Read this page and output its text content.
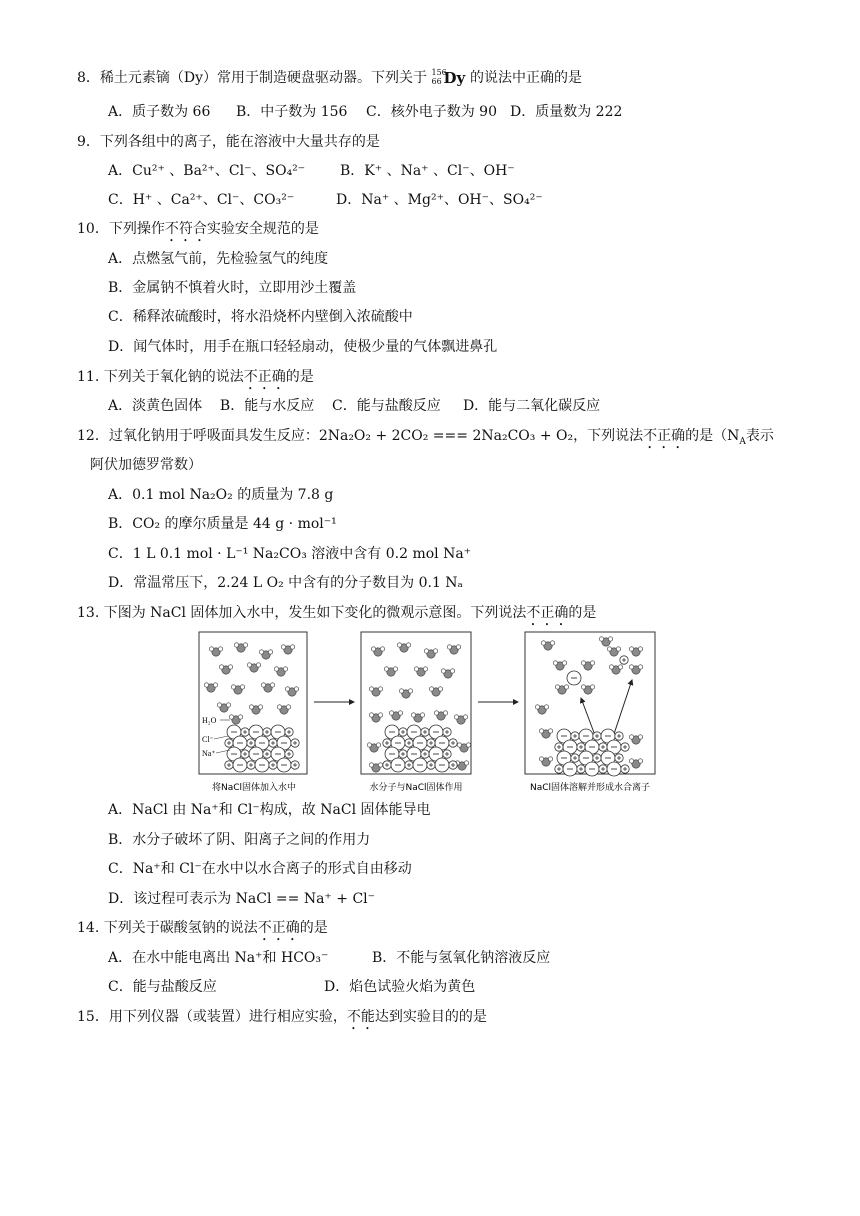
8．稀土元素镝（Dy）常用于制造硬盘驱动器。下列关于 156
66 Dy 的说法中正确的是
A．质子数为 66 B．中子数为 156 C．核外电子数为 90 D．质量数为 222
9．下列各组中的离子，能在溶液中大量共存的是
A．Cu²⁺ 、Ba²⁺、Cl⁻、SO₄²⁻ B．K⁺ 、Na⁺ 、Cl⁻、OH⁻
C．H⁺ 、Ca²⁺、Cl⁻、CO₃²⁻	D．Na⁺ 、Mg²⁺、OH⁻、SO₄²⁻
10．下列操作不符合实验安全规范的是
A．点燃氢气前，先检验氢气的纯度
B．金属钠不慎着火时，立即用沙土覆盖
C．稀释浓硫酸时，将水沿烧杯内壁倒入浓硫酸中
D．闻气体时，用手在瓶口轻轻扇动，使极少量的气体飘进鼻孔
11. 下列关于氧化钠的说法不正确的是
A．淡黄色固体    B．能与水反应    C．能与盐酸反应     D．能与二氧化碳反应
12．过氧化钠用于呼吸面具发生反应：2Na₂O₂ + 2CO₂ === 2Na₂CO₃ + O₂，下列说法不正确的是（$N_A$表示
阿伏加德罗常数）
A．0.1 mol Na₂O₂ 的质量为 7.8 g
B．CO₂ 的摩尔质量是 44 g · mol⁻¹
C．1 L 0.1 mol · L⁻¹ Na₂CO₃ 溶液中含有 0.2 mol Na⁺
D．常温常压下，2.24 L O₂ 中含有的分子数目为 0.1 Nₐ
13. 下图为 NaCl 固体加入水中，发生如下变化的微观示意图。下列说法不正确的是
H₂O
Cl⁻
Na⁺
将NaCl固体加入水中	水分子与NaCl固体作用	NaCl固体溶解并形成水合离子
A．NaCl 由 Na⁺和 Cl⁻构成，故 NaCl 固体能导电
B．水分子破坏了阴、阳离子之间的作用力
C．Na⁺和 Cl⁻在水中以水合离子的形式自由移动
D．该过程可表示为 NaCl == Na⁺ + Cl⁻
14. 下列关于碳酸氢钠的说法不正确的是
A．在水中能电离出 Na⁺和 HCO₃⁻	B．不能与氢氧化钠溶液反应
C．能与盐酸反应	D．焰色试验火焰为黄色
15．用下列仪器（或装置）进行相应实验，不能达到实验目的的是
